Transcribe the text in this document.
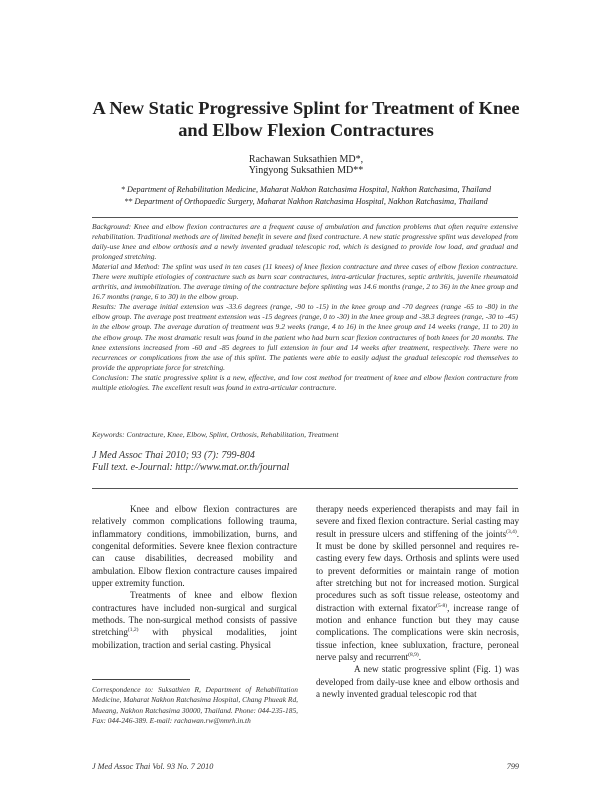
A New Static Progressive Splint for Treatment of Knee
and Elbow Flexion Contractures
Rachawan Suksathien MD*,
Yingyong Suksathien MD**
* Department of Rehabilitation Medicine, Maharat Nakhon Ratchasima Hospital, Nakhon Ratchasima, Thailand
** Department of Orthopaedic Surgery, Maharat Nakhon Ratchasima Hospital, Nakhon Ratchasima, Thailand

Background: Knee and elbow flexion contractures are a frequent cause of ambulation and function problems that often require extensive rehabilitation. Traditional methods are of limited benefit in severe and fixed contracture. A new static progressive splint was developed from daily-use knee and elbow orthosis and a newly invented gradual telescopic rod, which is designed to provide low load, and gradual and prolonged stretching.

Material and Method: The splint was used in ten cases (11 knees) of knee flexion contracture and three cases of elbow flexion contracture. There were multiple etiologies of contracture such as burn scar contractures, intra-articular fractures, septic arthritis, juvenile rheumatoid arthritis, and immobilization. The average timing of the contracture before splinting was 14.6 months (range, 2 to 36) in the knee group and 16.7 months (range, 6 to 30) in the elbow group.

Results: The average initial extension was -33.6 degrees (range, -90 to -15) in the knee group and -70 degrees (range -65 to -80) in the elbow group. The average post treatment extension was -15 degrees (range, 0 to -30) in the knee group and -38.3 degrees (range, -30 to -45) in the elbow group. The average duration of treatment was 9.2 weeks (range, 4 to 16) in the knee group and 14 weeks (range, 11 to 20) in the elbow group. The most dramatic result was found in the patient who had burn scar flexion contractures of both knees for 20 months. The knee extensions increased from -60 and -85 degrees to full extension in four and 14 weeks after treatment, respectively. There were no recurrences or complications from the use of this splint. The patients were able to easily adjust the gradual telescopic rod themselves to provide the appropriate force for stretching.

Conclusion: The static progressive splint is a new, effective, and low cost method for treatment of knee and elbow flexion contracture from multiple etiologies. The excellent result was found in extra-articular contracture.

Keywords: Contracture, Knee, Elbow, Splint, Orthosis, Rehabilitation, Treatment
J Med Assoc Thai 2010; 93 (7): 799-804
Full text. e-Journal: http://www.mat.or.th/journal

Knee and elbow flexion contractures are relatively common complications following trauma, inflammatory conditions, immobilization, burns, and congenital deformities. Severe knee flexion contracture can cause disabilities, decreased mobility and ambulation. Elbow flexion contracture causes impaired upper extremity function.

Treatments of knee and elbow flexion contractures have included non-surgical and surgical methods. The non-surgical method consists of passive stretching$^{(1,2)}$ with physical modalities, joint mobilization, traction and serial casting. Physical

Correspondence to: Suksathien R, Department of Rehabilitation Medicine, Maharat Nakhon Ratchasima Hospital, Chang Phueak Rd, Mueang, Nakhon Ratchasima 30000, Thailand. Phone: 044-235-185, Fax: 044-246-389. E-mail: rachawan.rw@nmrh.in.th

therapy needs experienced therapists and may fail in severe and fixed flexion contracture. Serial casting may result in pressure ulcers and stiffening of the joints$^{(3,4)}$. It must be done by skilled personnel and requires re-casting every few days. Orthosis and splints were used to prevent deformities or maintain range of motion after stretching but not for increased motion. Surgical procedures such as soft tissue release, osteotomy and distraction with external fixator$^{(5-8)}$, increase range of motion and enhance function but they may cause complications. The complications were skin necrosis, tissue infection, knee subluxation, fracture, peroneal nerve palsy and recurrent$^{(8,9)}$.

A new static progressive splint (Fig. 1) was developed from daily-use knee and elbow orthosis and a newly invented gradual telescopic rod that

J Med Assoc Thai Vol. 93 No. 7 2010	799
